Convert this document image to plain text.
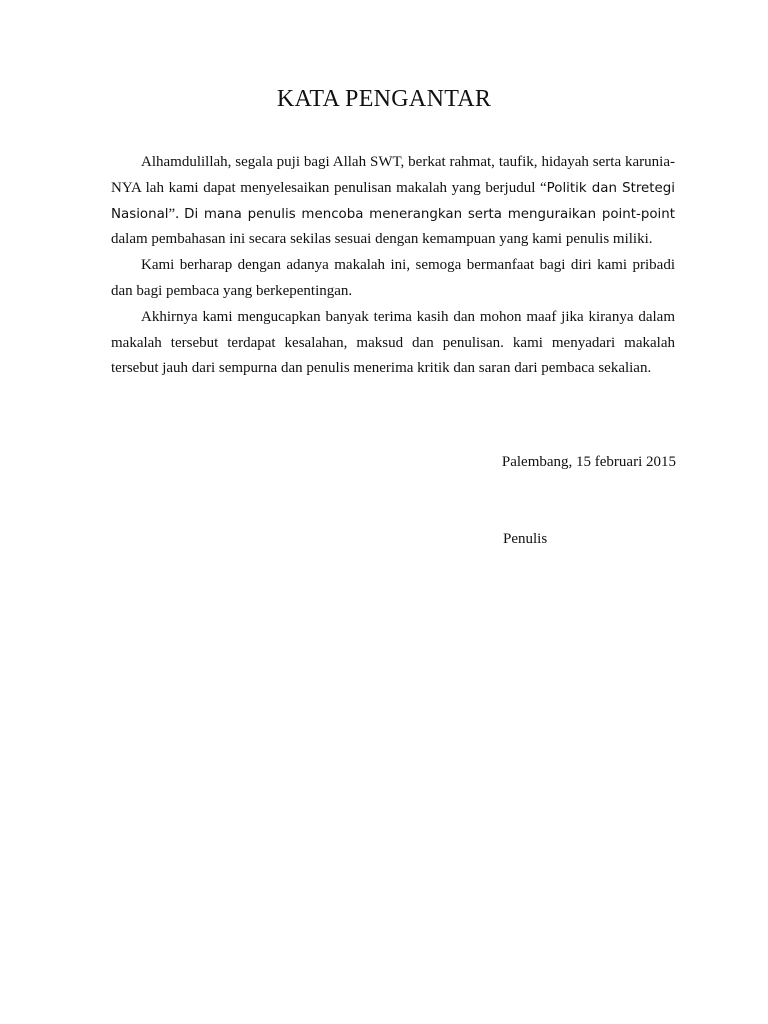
KATA PENGANTAR

Alhamdulillah, segala puji bagi Allah SWT, berkat rahmat, taufik, hidayah serta karunia-NYA lah kami dapat menyelesaikan penulisan makalah yang berjudul “Politik dan Stretegi Nasional”. Di mana penulis mencoba menerangkan serta menguraikan point-point dalam pembahasan ini secara sekilas sesuai dengan kemampuan yang kami penulis miliki.

Kami berharap dengan adanya makalah ini, semoga bermanfaat bagi diri kami pribadi dan bagi pembaca yang berkepentingan.

Akhirnya kami mengucapkan banyak terima kasih dan mohon maaf jika kiranya dalam makalah tersebut terdapat kesalahan, maksud dan penulisan. kami menyadari makalah tersebut jauh dari sempurna dan penulis menerima kritik dan saran dari pembaca sekalian.

Palembang, 15 februari 2015

Penulis
